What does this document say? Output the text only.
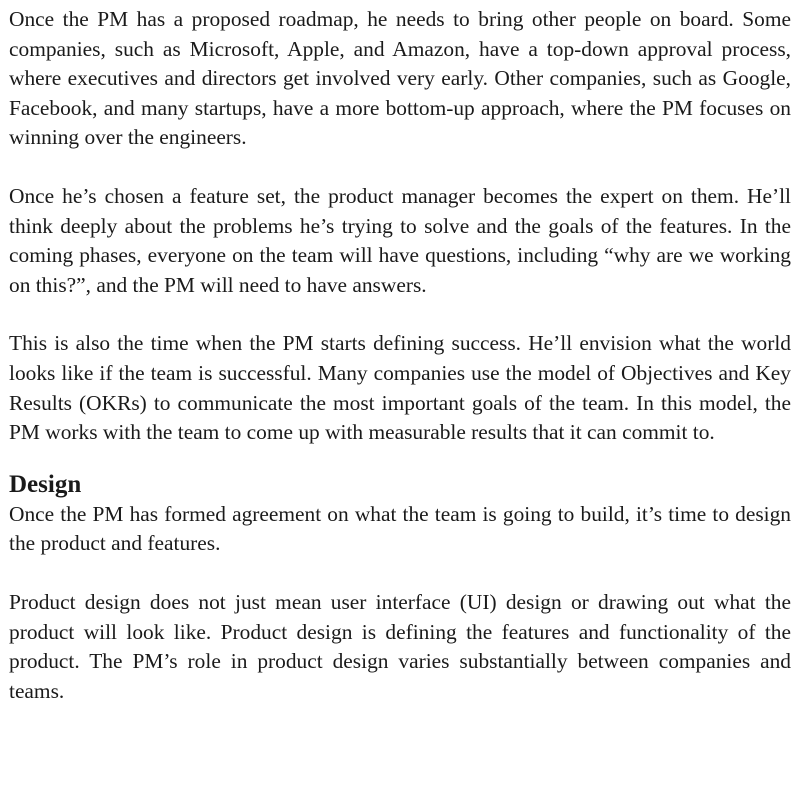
Once the PM has a proposed roadmap, he needs to bring other people on board. Some companies, such as Microsoft, Apple, and Amazon, have a top-down approval process, where executives and directors get involved very early. Other companies, such as Google, Facebook, and many startups, have a more bottom-up approach, where the PM focuses on winning over the engineers.

Once he’s chosen a feature set, the product manager becomes the expert on them. He’ll think deeply about the problems he’s trying to solve and the goals of the features. In the coming phases, everyone on the team will have questions, including “why are we working on this?”, and the PM will need to have answers.

This is also the time when the PM starts defining success. He’ll envision what the world looks like if the team is successful. Many companies use the model of Objectives and Key Results (OKRs) to communicate the most important goals of the team. In this model, the PM works with the team to come up with measurable results that it can commit to.

Design

Once the PM has formed agreement on what the team is going to build, it’s time to design the product and features.

Product design does not just mean user interface (UI) design or drawing out what the product will look like. Product design is defining the features and functionality of the product. The PM’s role in product design varies substantially between companies and teams.
